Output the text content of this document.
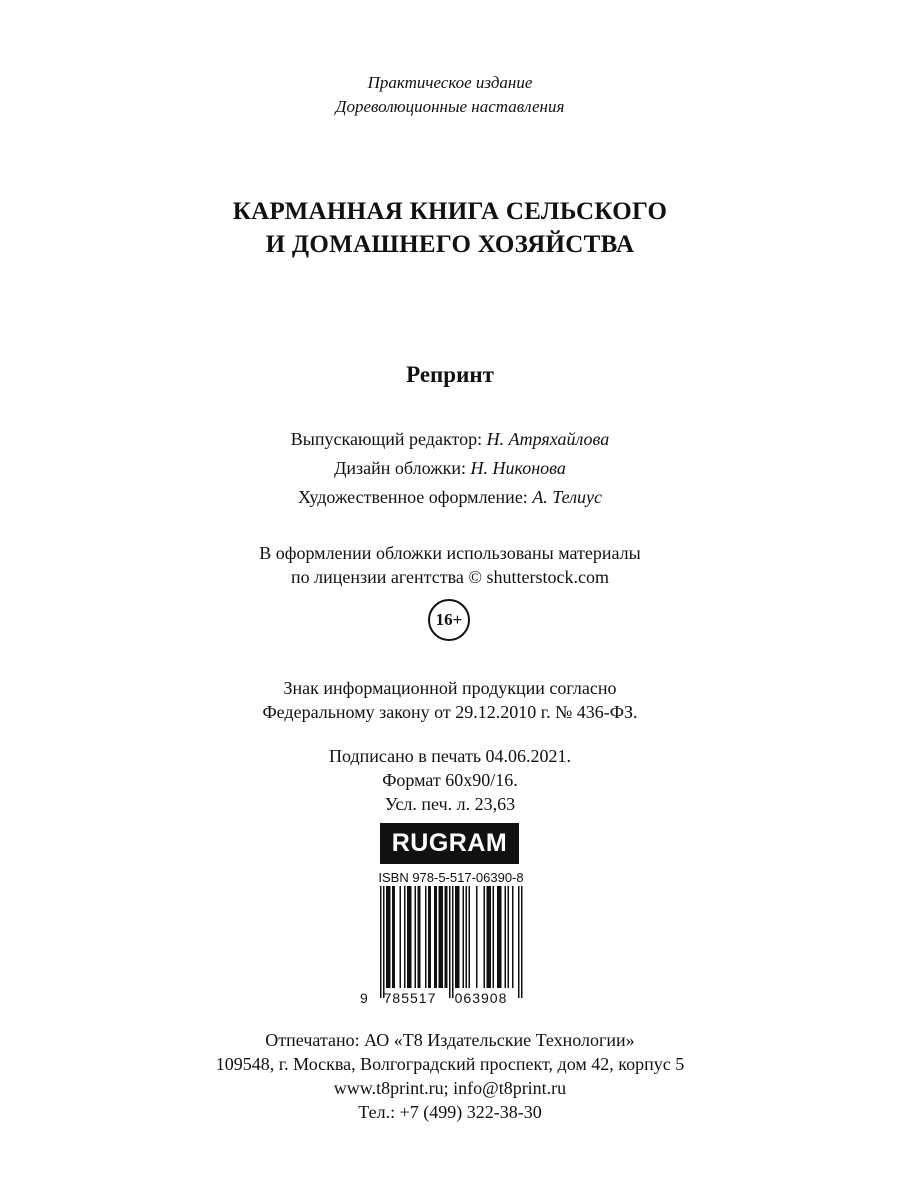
Практическое издание
Дореволюционные наставления
КАРМАННАЯ КНИГА СЕЛЬСКОГО
И ДОМАШНЕГО ХОЗЯЙСТВА
Репринт
Выпускающий редактор: Н. Атряхайлова
Дизайн обложки: Н. Никонова
Художественное оформление: А. Телиус
В оформлении обложки использованы материалы
по лицензии агентства © shutterstock.com
16+
Знак информационной продукции согласно
Федеральному закону от 29.12.2010 г. № 436-ФЗ.
Подписано в печать 04.06.2021.
Формат 60х90/16.
Усл. печ. л. 23,63
RUGRAM
ISBN 978-5-517-06390-8
9	785517	063908
Отпечатано: АО «Т8 Издательские Технологии»
109548, г. Москва, Волгоградский проспект, дом 42, корпус 5
www.t8print.ru; info@t8print.ru
Тел.: +7 (499) 322-38-30
